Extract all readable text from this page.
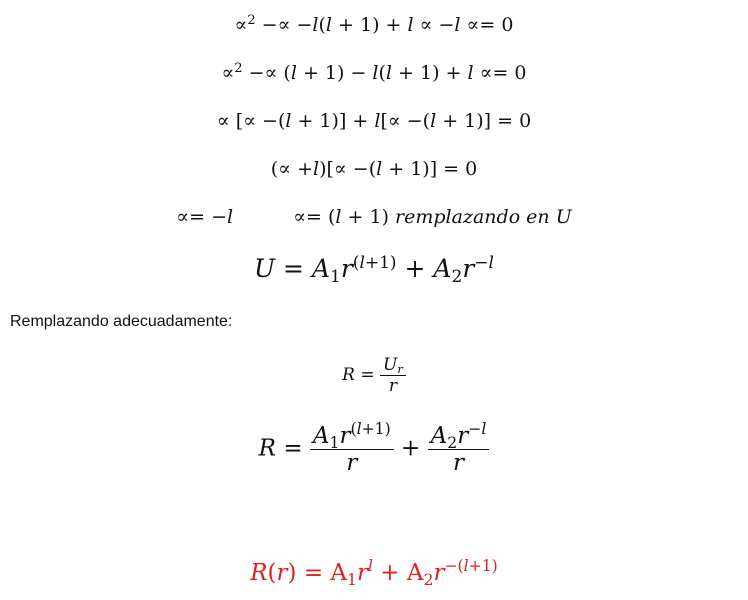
∝$^2$ −∝ −l(l + 1) + l ∝ −l ∝= 0
∝$^2$ −∝ (l + 1) − l(l + 1) + l ∝= 0
∝ [∝ −(l + 1)] + l[∝ −(l + 1)] = 0
(∝ +l)[∝ −(l + 1)] = 0
∝= −l	∝= (l + 1) remplazando en U
$U = A_1r^{(l+1)} + A_2r^{-l}$
Remplazando adecuadamente:
$R = \frac{U_r}{r}$
$R = \frac{A_1r^{(l+1)}}{r} + \frac{A_2r^{-l}}{r}$
$R(r) = A_1r^l + A_2r^{-(l+1)}$
